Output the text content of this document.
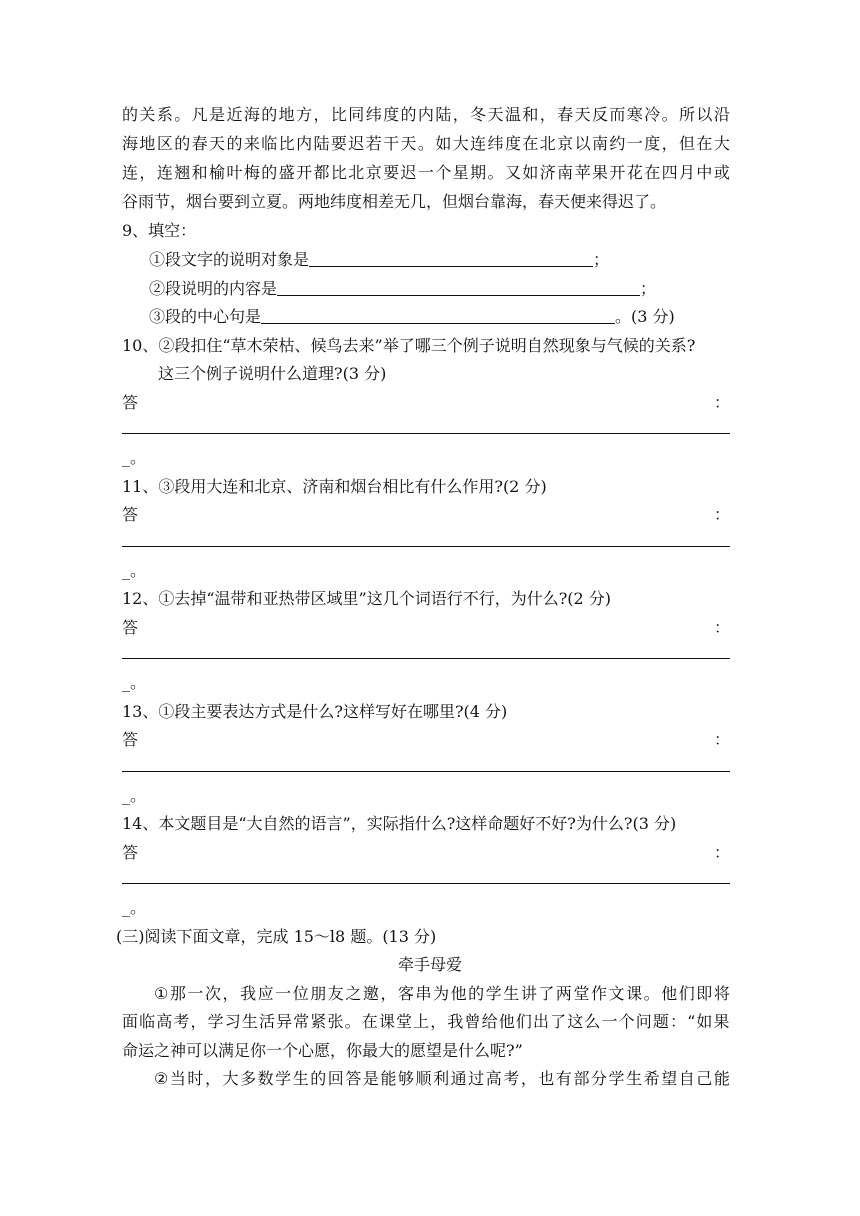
的 关 系 。 凡 是 近 海 的 地 方 ， 比 同 纬 度 的 内 陆 ， 冬 天 温 和 ， 春 天 反 而 寒 冷 。 所 以 沿
海 地 区 的 春 天 的 来 临 比 内 陆 要 迟 若 干 天 。 如 大 连 纬 度 在 北 京 以 南 约 一 度 ， 但 在 大
连 ， 连 翘 和 榆 叶 梅 的 盛 开 都 比 北 京 要 迟 一 个 星 期 。 又 如 济 南 苹 果 开 花 在 四 月 中 或
谷雨节，烟台要到立夏。两地纬度相差无几，但烟台靠海，春天便来得迟了。
9、填空：
①段文字的说明对象是	；
②段说明的内容是	；
③段的中心句是	。(3 分)
10、②段扣住“草木荣枯、候鸟去来”举了哪三个例子说明自然现象与气候的关系?
这三个例子说明什么道理?(3 分)
答	：
_。
11、③段用大连和北京、济南和烟台相比有什么作用?(2 分)
答	：
_。
12、①去掉“温带和亚热带区域里”这几个词语行不行，为什么?(2 分)
答	：
_。
13、①段主要表达方式是什么?这样写好在哪里?(4 分)
答	：
_。
14、本文题目是“大自然的语言”，实际指什么?这样命题好不好?为什么?(3 分)
答	：
_。
(三)阅读下面文章，完成 15～l8 题。(13 分)
牵手母爱
① 那 一 次 ， 我 应 一 位 朋 友 之 邀 ， 客 串 为 他 的 学 生 讲 了 两 堂 作 文 课 。 他 们 即 将
面 临 高 考 ， 学 习 生 活 异 常 紧 张 。 在 课 堂 上 ， 我 曾 给 他 们 出 了 这 么 一 个 问 题 ： “ 如 果
命运之神可以满足你一个心愿，你最大的愿望是什么呢?”
② 当 时 ， 大 多 数 学 生 的 回 答 是 能 够 顺 利 通 过 高 考 ， 也 有 部 分 学 生 希 望 自 己 能
